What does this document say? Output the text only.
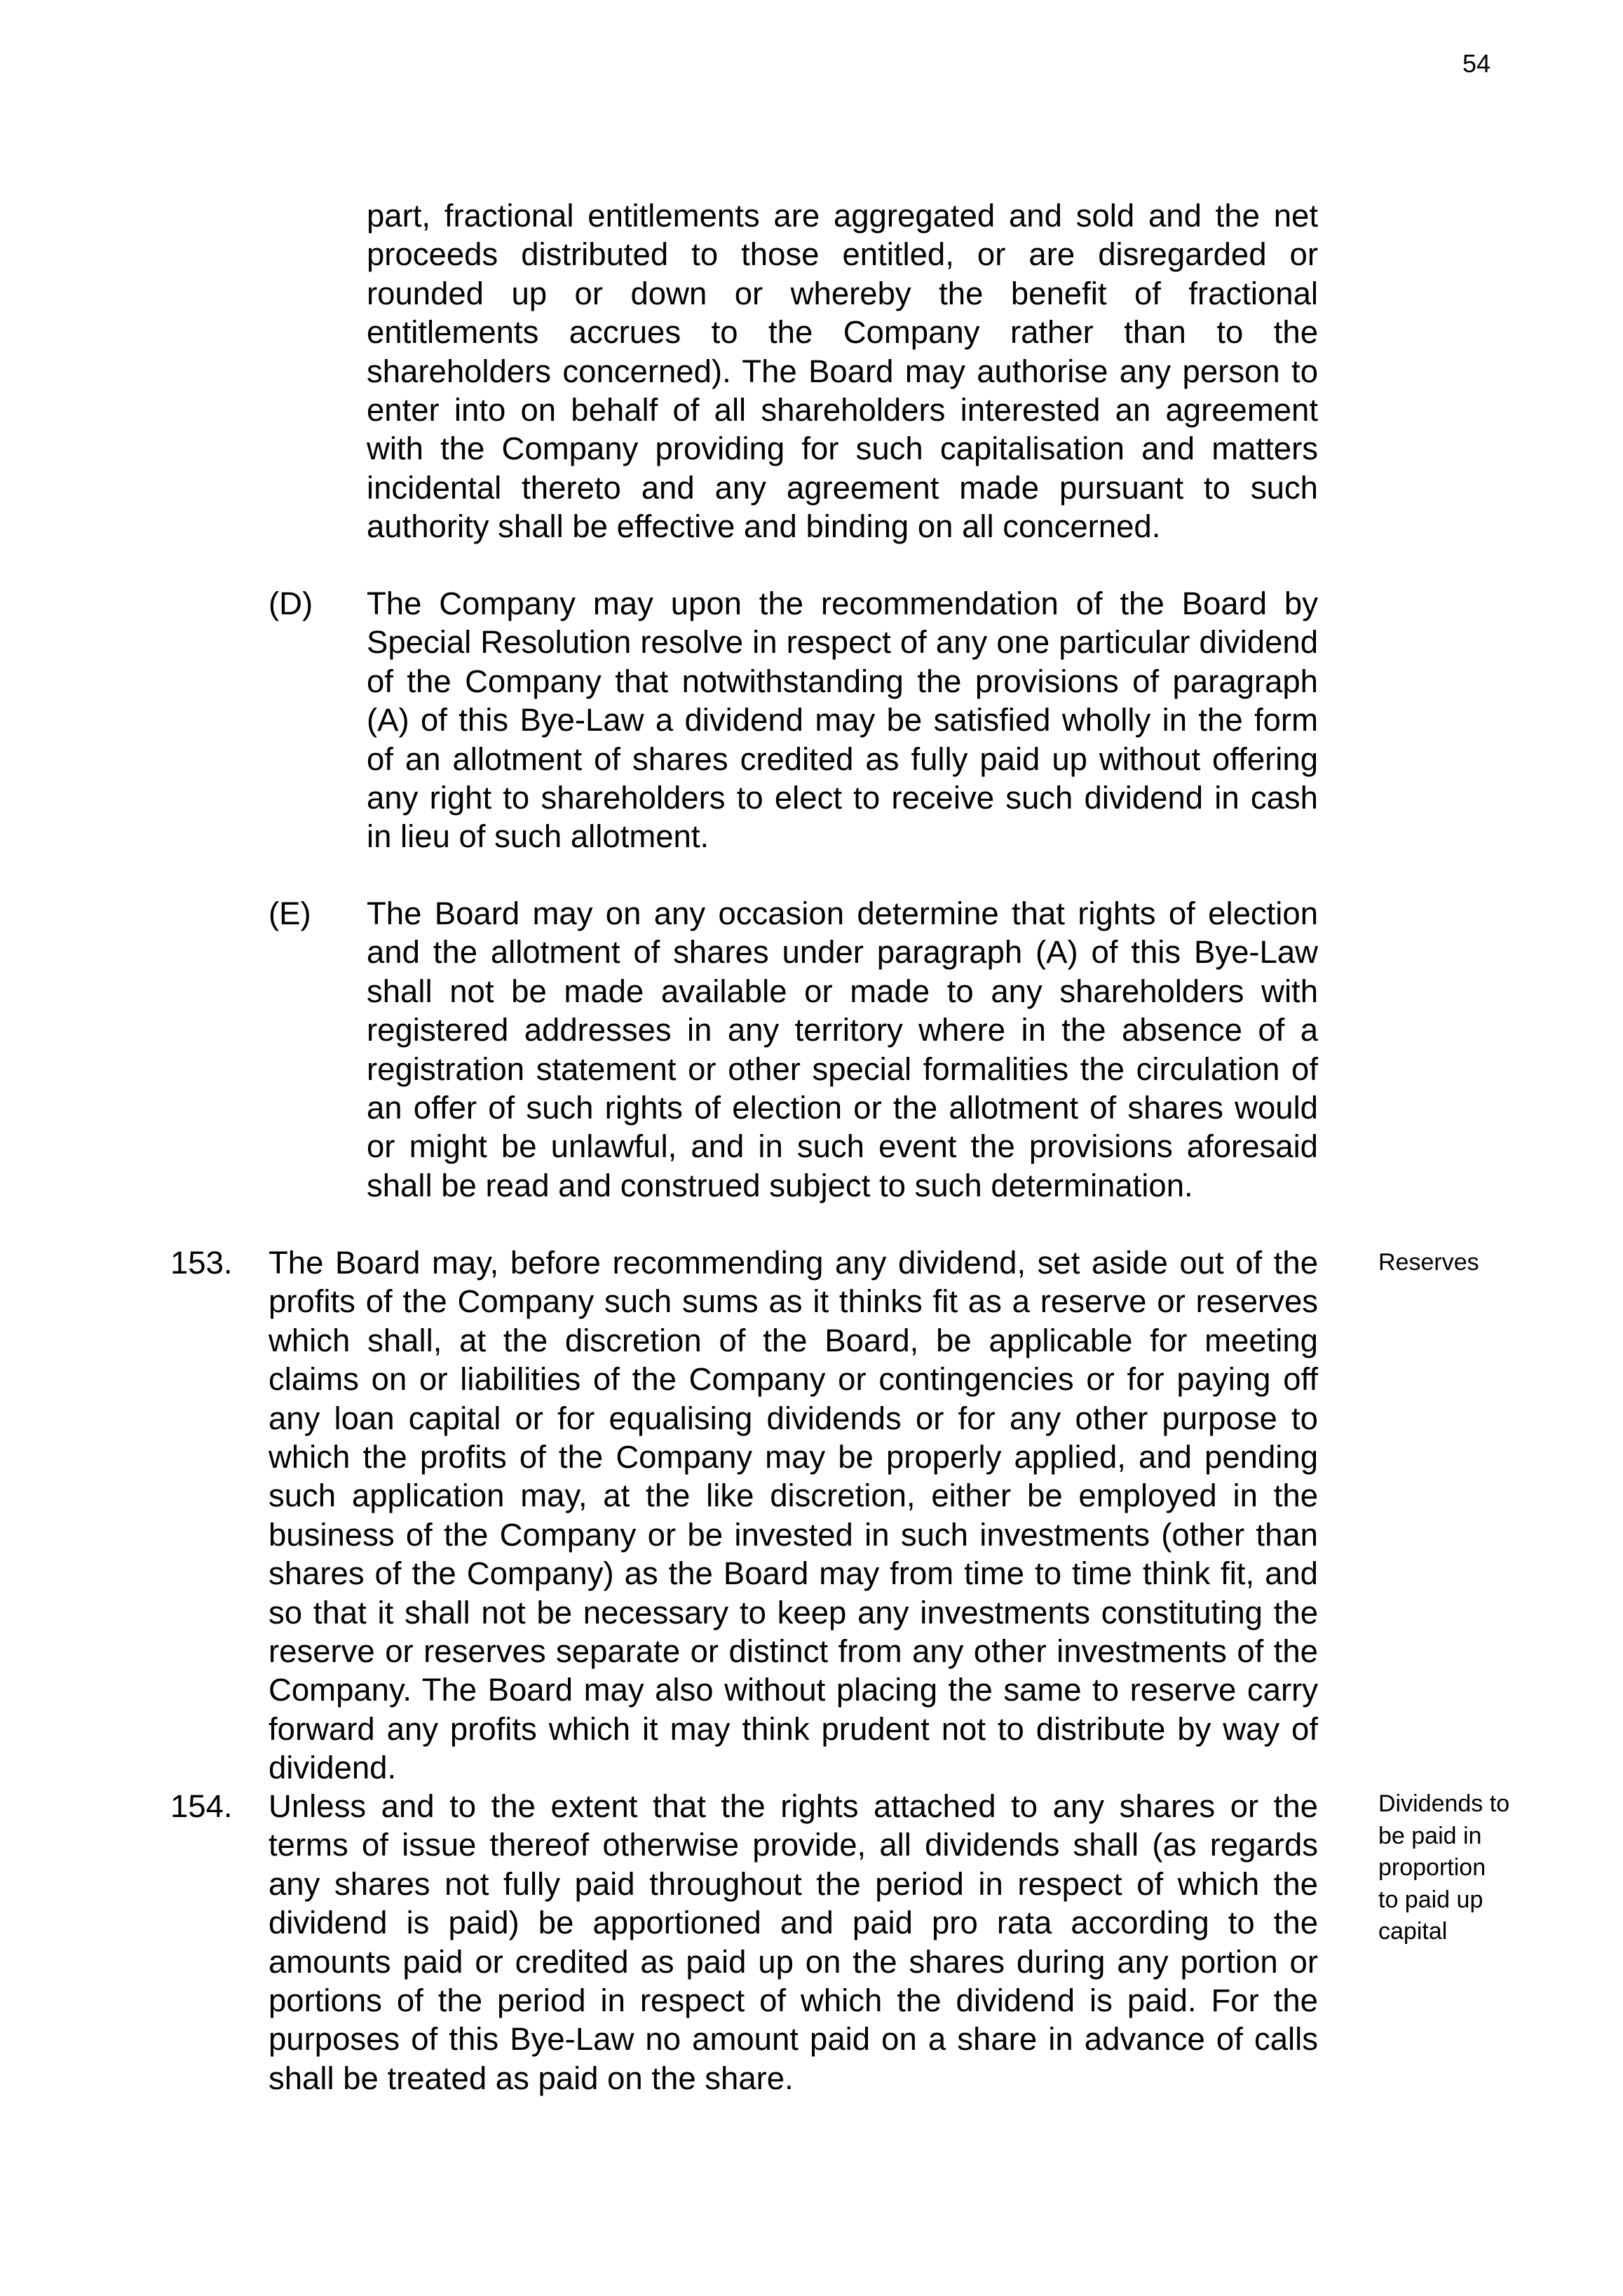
54

part, fractional entitlements are aggregated and sold and the net proceeds distributed to those entitled, or are disregarded or rounded up or down or whereby the benefit of fractional entitlements accrues to the Company rather than to the shareholders concerned). The Board may authorise any person to enter into on behalf of all shareholders interested an agreement with the Company providing for such capitalisation and matters incidental thereto and any agreement made pursuant to such authority shall be effective and binding on all concerned.

(D) The Company may upon the recommendation of the Board by Special Resolution resolve in respect of any one particular dividend of the Company that notwithstanding the provisions of paragraph (A) of this Bye-Law a dividend may be satisfied wholly in the form of an allotment of shares credited as fully paid up without offering any right to shareholders to elect to receive such dividend in cash in lieu of such allotment.

(E) The Board may on any occasion determine that rights of election and the allotment of shares under paragraph (A) of this Bye-Law shall not be made available or made to any shareholders with registered addresses in any territory where in the absence of a registration statement or other special formalities the circulation of an offer of such rights of election or the allotment of shares would or might be unlawful, and in such event the provisions aforesaid shall be read and construed subject to such determination.

153. The Board may, before recommending any dividend, set aside out of the profits of the Company such sums as it thinks fit as a reserve or reserves which shall, at the discretion of the Board, be applicable for meeting claims on or liabilities of the Company or contingencies or for paying off any loan capital or for equalising dividends or for any other purpose to which the profits of the Company may be properly applied, and pending such application may, at the like discretion, either be employed in the business of the Company or be invested in such investments (other than shares of the Company) as the Board may from time to time think fit, and so that it shall not be necessary to keep any investments constituting the reserve or reserves separate or distinct from any other investments of the Company. The Board may also without placing the same to reserve carry forward any profits which it may think prudent not to distribute by way of dividend.

Reserves

154. Unless and to the extent that the rights attached to any shares or the terms of issue thereof otherwise provide, all dividends shall (as regards any shares not fully paid throughout the period in respect of which the dividend is paid) be apportioned and paid pro rata according to the amounts paid or credited as paid up on the shares during any portion or portions of the period in respect of which the dividend is paid. For the purposes of this Bye-Law no amount paid on a share in advance of calls shall be treated as paid on the share.

Dividends to be paid in proportion to paid up capital
